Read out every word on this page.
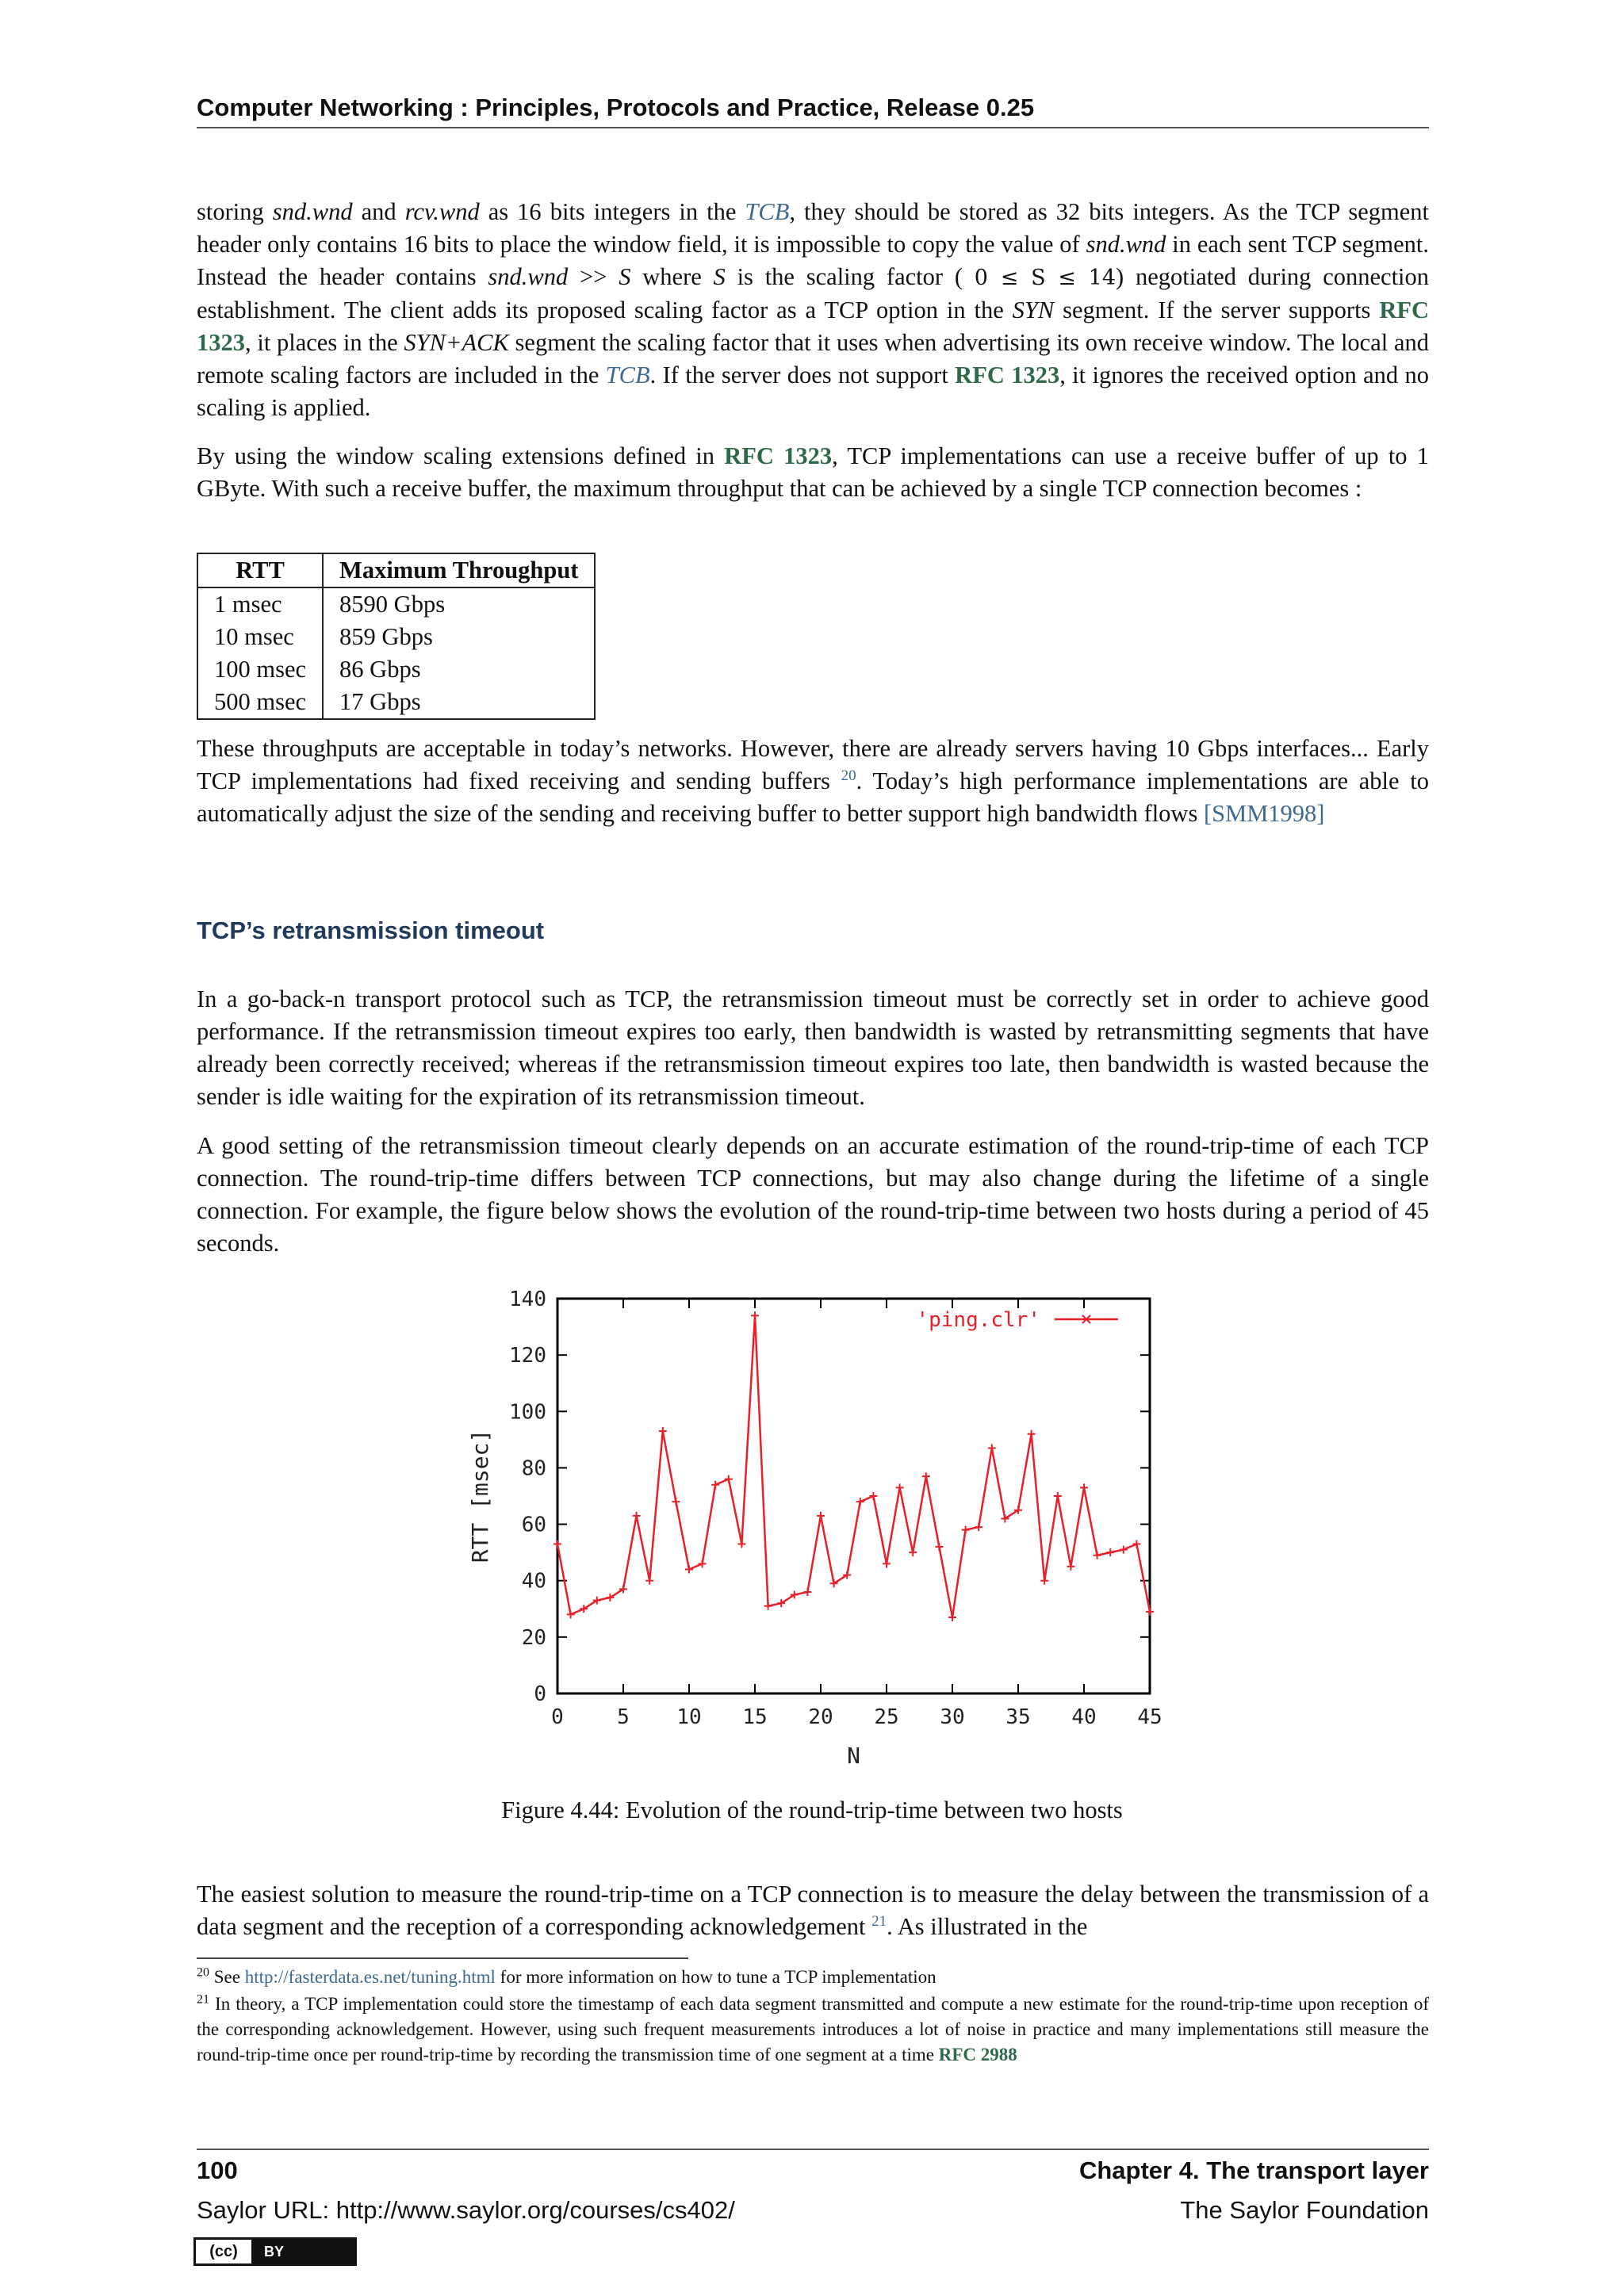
Computer Networking : Principles, Protocols and Practice, Release 0.25
storing snd.wnd and rcv.wnd as 16 bits integers in the TCB, they should be stored as 32 bits integers. As the TCP segment header only contains 16 bits to place the window field, it is impossible to copy the value of snd.wnd in each sent TCP segment. Instead the header contains snd.wnd >> S where S is the scaling factor ( 0 ≤ S ≤ 14) negotiated during connection establishment. The client adds its proposed scaling factor as a TCP option in the SYN segment. If the server supports RFC 1323, it places in the SYN+ACK segment the scaling factor that it uses when advertising its own receive window. The local and remote scaling factors are included in the TCB. If the server does not support RFC 1323, it ignores the received option and no scaling is applied.
By using the window scaling extensions defined in RFC 1323, TCP implementations can use a receive buffer of up to 1 GByte. With such a receive buffer, the maximum throughput that can be achieved by a single TCP connection becomes :
RTT	Maximum Throughput
1 msec	8590 Gbps
10 msec	859 Gbps
100 msec	86 Gbps
500 msec	17 Gbps
These throughputs are acceptable in today’s networks. However, there are already servers having 10 Gbps interfaces... Early TCP implementations had fixed receiving and sending buffers $^{20}$. Today’s high performance implementations are able to automatically adjust the size of the sending and receiving buffer to better support high bandwidth flows [SMM1998]
TCP’s retransmission timeout
In a go-back-n transport protocol such as TCP, the retransmission timeout must be correctly set in order to achieve good performance. If the retransmission timeout expires too early, then bandwidth is wasted by retransmitting segments that have already been correctly received; whereas if the retransmission timeout expires too late, then bandwidth is wasted because the sender is idle waiting for the expiration of its retransmission timeout.
A good setting of the retransmission timeout clearly depends on an accurate estimation of the round-trip-time of each TCP connection. The round-trip-time differs between TCP connections, but may also change during the lifetime of a single connection. For example, the figure below shows the evolution of the round-trip-time between two hosts during a period of 45 seconds.
0
20
40
60
80
100
120
140
0	5 10 15 20 25 30 35 40 45
N
RTT [msec]
'ping.clr'
Figure 4.44: Evolution of the round-trip-time between two hosts
The easiest solution to measure the round-trip-time on a TCP connection is to measure the delay between the transmission of a data segment and the reception of a corresponding acknowledgement $^{21}$. As illustrated in the
$^{20}$ See http://fasterdata.es.net/tuning.html for more information on how to tune a TCP implementation
$^{21}$ In theory, a TCP implementation could store the timestamp of each data segment transmitted and compute a new estimate for the round-trip-time upon reception of the corresponding acknowledgement. However, using such frequent measurements introduces a lot of noise in practice and many implementations still measure the round-trip-time once per round-trip-time by recording the transmission time of one segment at a time RFC 2988
100	Chapter 4. The transport layer
Saylor URL: http://www.saylor.org/courses/cs402/	The Saylor Foundation
(cc)	BY
